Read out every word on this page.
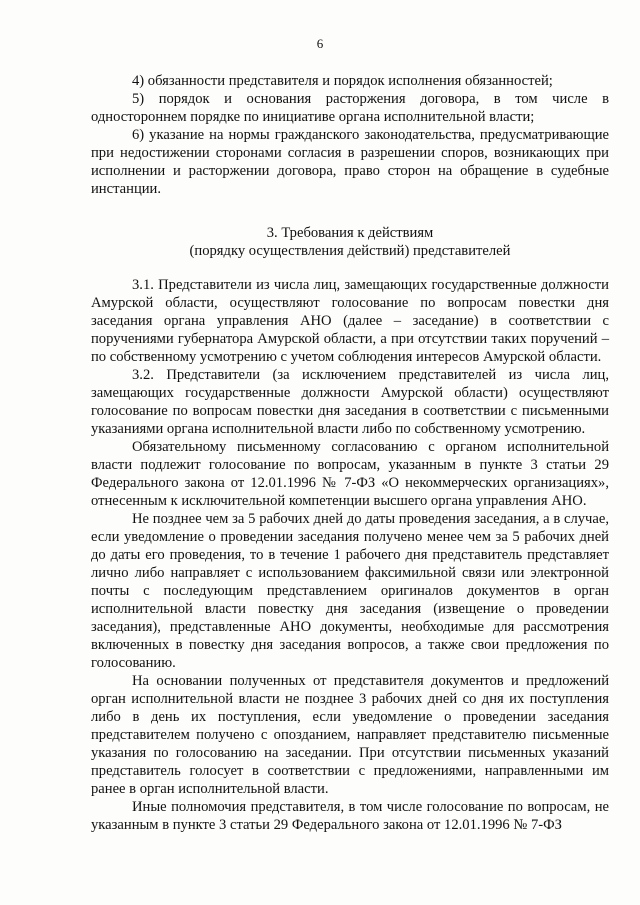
6

4) обязанности представителя и порядок исполнения обязанностей;

5) порядок и основания расторжения договора, в том числе в одностороннем порядке по инициативе органа исполнительной власти;

6) указание на нормы гражданского законодательства, предусматривающие при недостижении сторонами согласия в разрешении споров, возникающих при исполнении и расторжении договора, право сторон на обращение в судебные инстанции.

3. Требования к действиям

(порядку осуществления действий) представителей

3.1. Представители из числа лиц, замещающих государственные должности Амурской области, осуществляют голосование по вопросам повестки дня заседания органа управления АНО (далее – заседание) в соответствии с поручениями губернатора Амурской области, а при отсутствии таких поручений – по собственному усмотрению с учетом соблюдения интересов Амурской области.

3.2. Представители (за исключением представителей из числа лиц, замещающих государственные должности Амурской области) осуществляют голосование по вопросам повестки дня заседания в соответствии с письменными указаниями органа исполнительной власти либо по собственному усмотрению.

Обязательному письменному согласованию с органом исполнительной власти подлежит голосование по вопросам, указанным в пункте 3 статьи 29 Федерального закона от 12.01.1996 № 7-ФЗ «О некоммерческих организациях», отнесенным к исключительной компетенции высшего органа управления АНО.

Не позднее чем за 5 рабочих дней до даты проведения заседания, а в случае, если уведомление о проведении заседания получено менее чем за 5 рабочих дней до даты его проведения, то в течение 1 рабочего дня представитель представляет лично либо направляет с использованием факсимильной связи или электронной почты с последующим представлением оригиналов документов в орган исполнительной власти повестку дня заседания (извещение о проведении заседания), представленные АНО документы, необходимые для рассмотрения включенных в повестку дня заседания вопросов, а также свои предложения по голосованию.

На основании полученных от представителя документов и предложений орган исполнительной власти не позднее 3 рабочих дней со дня их поступления либо в день их поступления, если уведомление о проведении заседания представителем получено с опозданием, направляет представителю письменные указания по голосованию на заседании. При отсутствии письменных указаний представитель голосует в соответствии с предложениями, направленными им ранее в орган исполнительной власти.

Иные полномочия представителя, в том числе голосование по вопросам, не указанным в пункте 3 статьи 29 Федерального закона от 12.01.1996 № 7-ФЗ
